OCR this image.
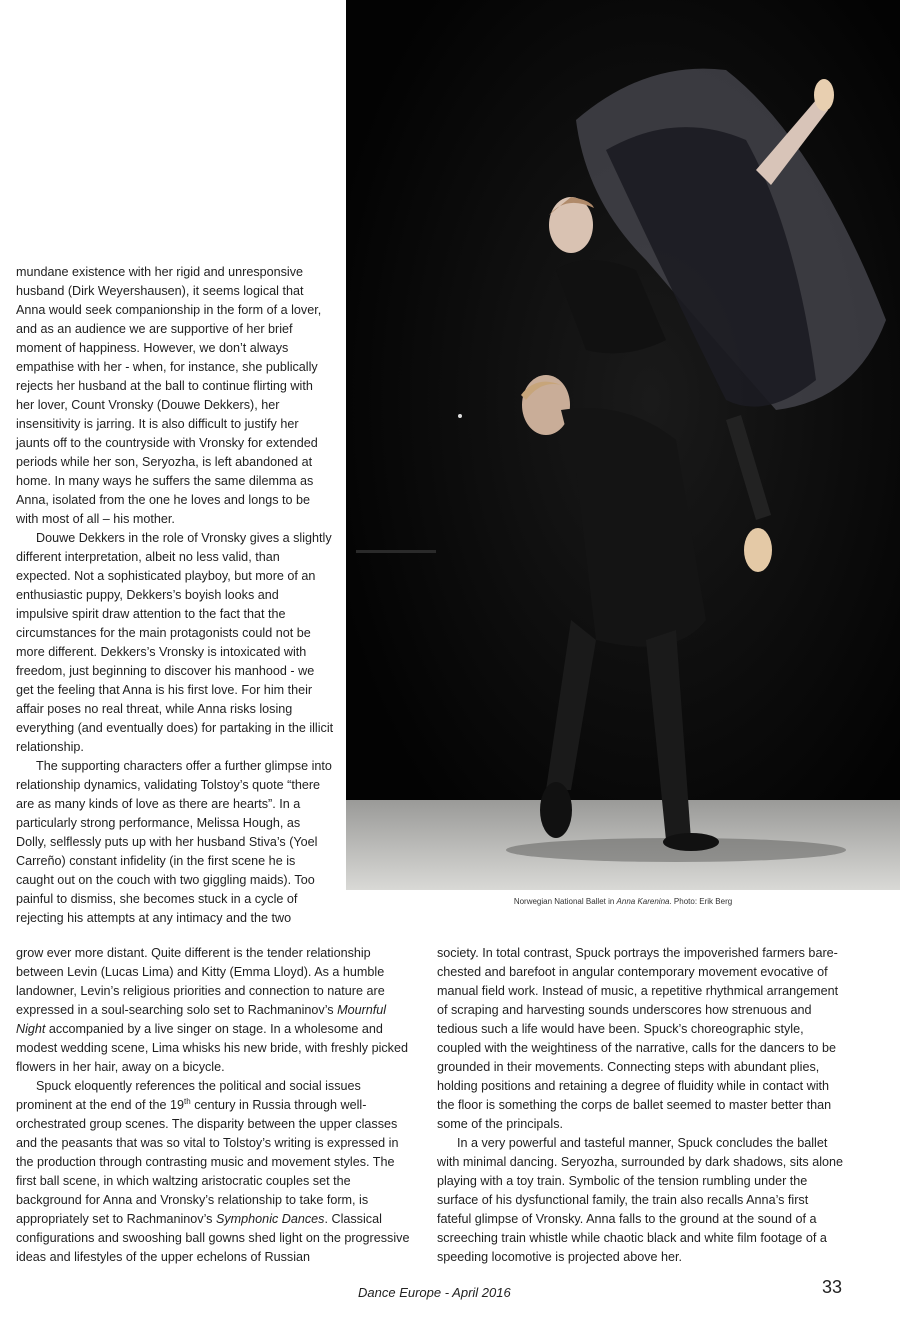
mundane existence with her rigid and unresponsive husband (Dirk Weyershausen), it seems logical that Anna would seek companionship in the form of a lover, and as an audience we are supportive of her brief moment of happiness. However, we don’t always empathise with her - when, for instance, she publically rejects her husband at the ball to continue flirting with her lover, Count Vronsky (Douwe Dekkers), her insensitivity is jarring. It is also difficult to justify her jaunts off to the countryside with Vronsky for extended periods while her son, Seryozha, is left abandoned at home. In many ways he suffers the same dilemma as Anna, isolated from the one he loves and longs to be with most of all – his mother.

Douwe Dekkers in the role of Vronsky gives a slightly different interpretation, albeit no less valid, than expected. Not a sophisticated playboy, but more of an enthusiastic puppy, Dekkers’s boyish looks and impulsive spirit draw attention to the fact that the circumstances for the main protagonists could not be more different. Dekkers’s Vronsky is intoxicated with freedom, just beginning to discover his manhood - we get the feeling that Anna is his first love. For him their affair poses no real threat, while Anna risks losing everything (and eventually does) for partaking in the illicit relationship.

The supporting characters offer a further glimpse into relationship dynamics, validating Tolstoy’s quote “there are as many kinds of love as there are hearts”. In a particularly strong performance, Melissa Hough, as Dolly, selflessly puts up with her husband Stiva’s (Yoel Carreño) constant infidelity (in the first scene he is caught out on the couch with two giggling maids). Too painful to dismiss, she becomes stuck in a cycle of rejecting his attempts at any intimacy and the two

Norwegian National Ballet in Anna Karenina. Photo: Erik Berg

grow ever more distant. Quite different is the tender relationship between Levin (Lucas Lima) and Kitty (Emma Lloyd). As a humble landowner, Levin’s religious priorities and connection to nature are expressed in a soul-searching solo set to Rachmaninov’s Mournful Night accompanied by a live singer on stage. In a wholesome and modest wedding scene, Lima whisks his new bride, with freshly picked flowers in her hair, away on a bicycle.

Spuck eloquently references the political and social issues prominent at the end of the 19th century in Russia through well-orchestrated group scenes. The disparity between the upper classes and the peasants that was so vital to Tolstoy’s writing is expressed in the production through contrasting music and movement styles. The first ball scene, in which waltzing aristocratic couples set the background for Anna and Vronsky’s relationship to take form, is appropriately set to Rachmaninov’s Symphonic Dances. Classical configurations and swooshing ball gowns shed light on the progressive ideas and lifestyles of the upper echelons of Russian

society. In total contrast, Spuck portrays the impoverished farmers bare-chested and barefoot in angular contemporary movement evocative of manual field work. Instead of music, a repetitive rhythmical arrangement of scraping and harvesting sounds underscores how strenuous and tedious such a life would have been. Spuck’s choreographic style, coupled with the weightiness of the narrative, calls for the dancers to be grounded in their movements. Connecting steps with abundant plies, holding positions and retaining a degree of fluidity while in contact with the floor is something the corps de ballet seemed to master better than some of the principals.

In a very powerful and tasteful manner, Spuck concludes the ballet with minimal dancing. Seryozha, surrounded by dark shadows, sits alone playing with a toy train. Symbolic of the tension rumbling under the surface of his dysfunctional family, the train also recalls Anna’s first fateful glimpse of Vronsky. Anna falls to the ground at the sound of a screeching train whistle while chaotic black and white film footage of a speeding locomotive is projected above her.

Dance Europe - April 2016	33
